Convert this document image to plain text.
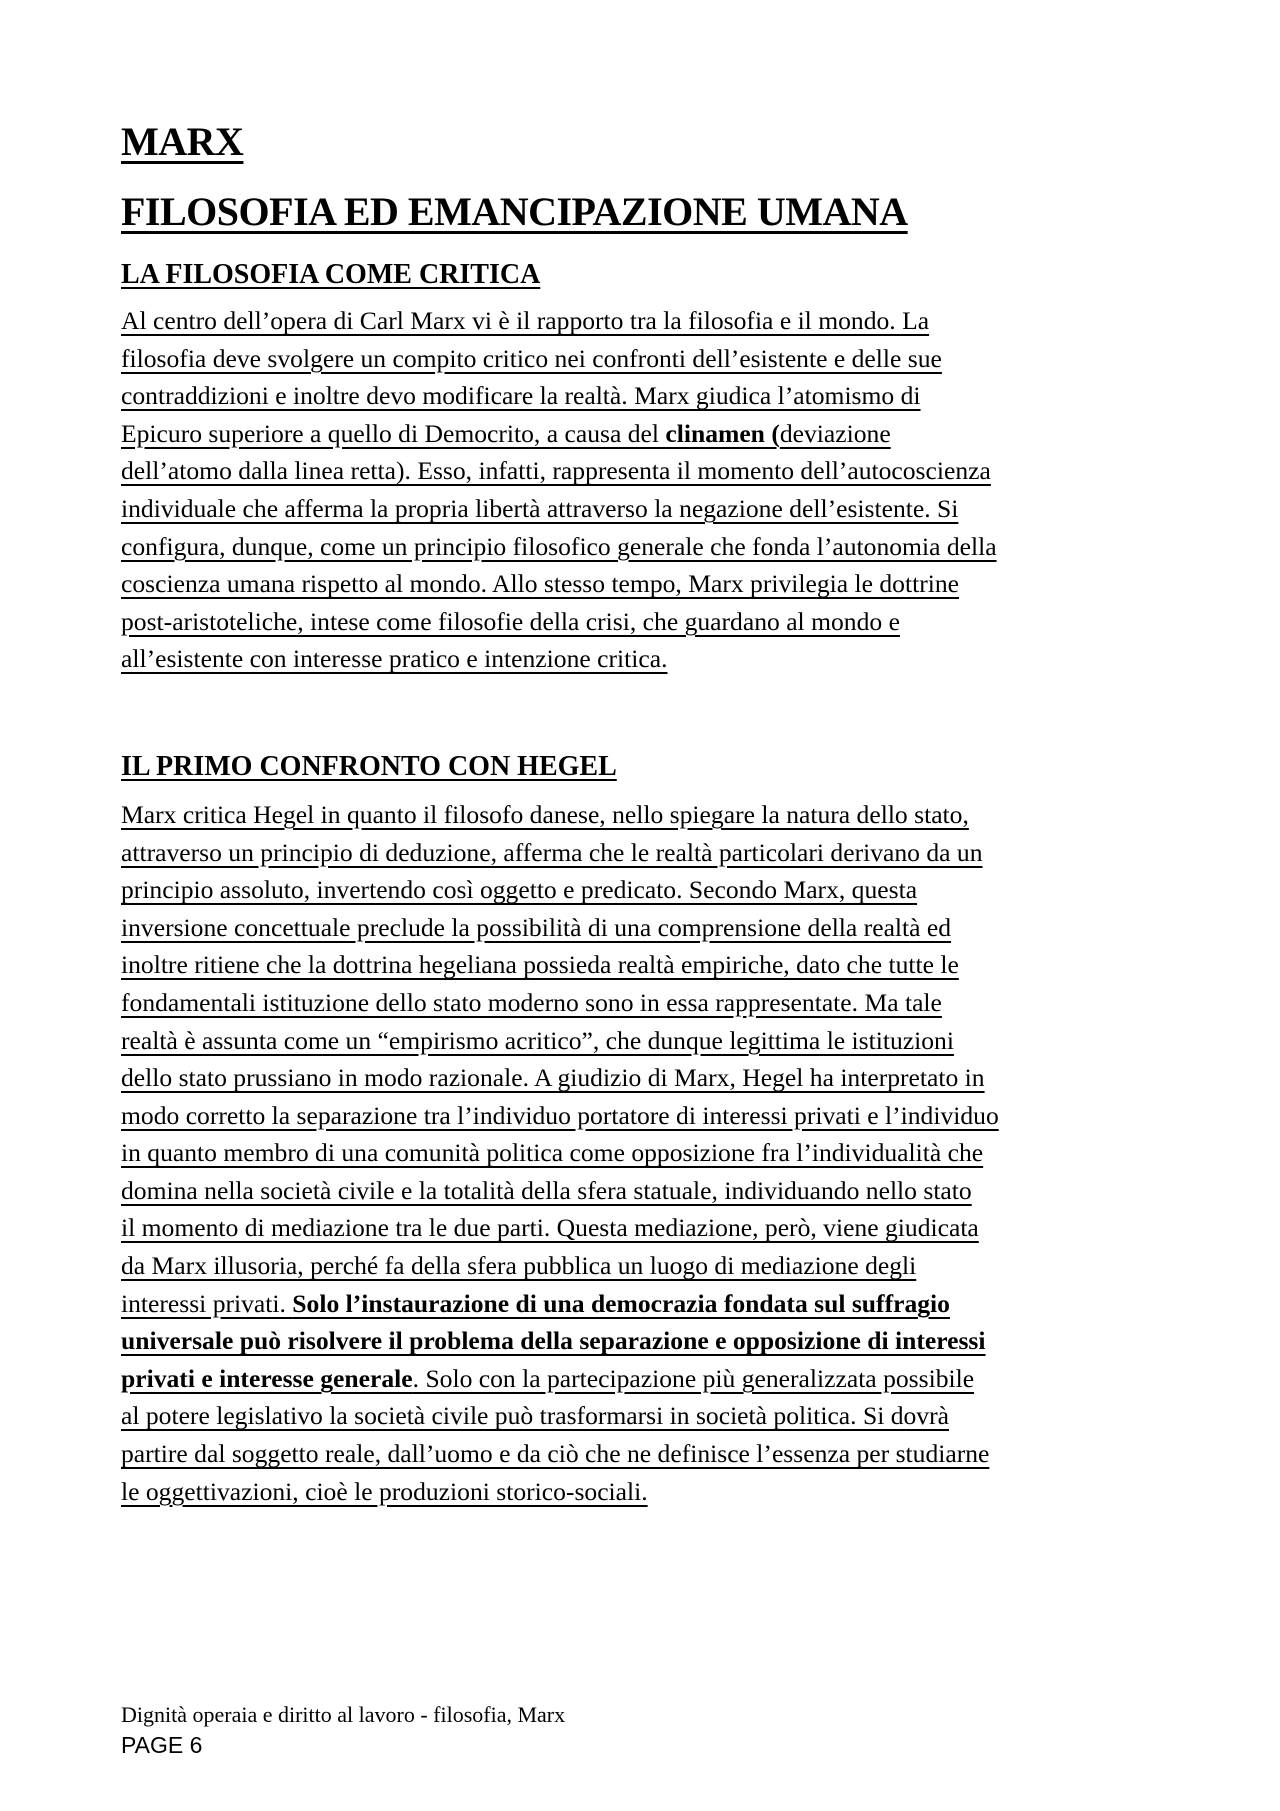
MARX
FILOSOFIA ED EMANCIPAZIONE UMANA
LA FILOSOFIA COME CRITICA
Al centro dell’opera di Carl Marx vi è il rapporto tra la filosofia e il mondo. La
filosofia deve svolgere un compito critico nei confronti dell’esistente e delle sue
contraddizioni e inoltre devo modificare la realtà. Marx giudica l’atomismo di
Epicuro superiore a quello di Democrito, a causa del clinamen (deviazione
dell’atomo dalla linea retta). Esso, infatti, rappresenta il momento dell’autocoscienza
individuale che afferma la propria libertà attraverso la negazione dell’esistente. Si
configura, dunque, come un principio filosofico generale che fonda l’autonomia della
coscienza umana rispetto al mondo. Allo stesso tempo, Marx privilegia le dottrine
post-aristoteliche, intese come filosofie della crisi, che guardano al mondo e
all’esistente con interesse pratico e intenzione critica.
IL PRIMO CONFRONTO CON HEGEL
Marx critica Hegel in quanto il filosofo danese, nello spiegare la natura dello stato,
attraverso un principio di deduzione, afferma che le realtà particolari derivano da un
principio assoluto, invertendo così oggetto e predicato. Secondo Marx, questa
inversione concettuale preclude la possibilità di una comprensione della realtà ed
inoltre ritiene che la dottrina hegeliana possieda realtà empiriche, dato che tutte le
fondamentali istituzione dello stato moderno sono in essa rappresentate. Ma tale
realtà è assunta come un “empirismo acritico”, che dunque legittima le istituzioni
dello stato prussiano in modo razionale. A giudizio di Marx, Hegel ha interpretato in
modo corretto la separazione tra l’individuo portatore di interessi privati e l’individuo
in quanto membro di una comunità politica come opposizione fra l’individualità che
domina nella società civile e la totalità della sfera statuale, individuando nello stato
il momento di mediazione tra le due parti. Questa mediazione, però, viene giudicata
da Marx illusoria, perché fa della sfera pubblica un luogo di mediazione degli
interessi privati. Solo l’instaurazione di una democrazia fondata sul suffragio
universale può risolvere il problema della separazione e opposizione di interessi
privati e interesse generale. Solo con la partecipazione più generalizzata possibile
al potere legislativo la società civile può trasformarsi in società politica. Si dovrà
partire dal soggetto reale, dall’uomo e da ciò che ne definisce l’essenza per studiarne
le oggettivazioni, cioè le produzioni storico-sociali.
Dignità operaia e diritto al lavoro - filosofia, Marx
PAGE 6
